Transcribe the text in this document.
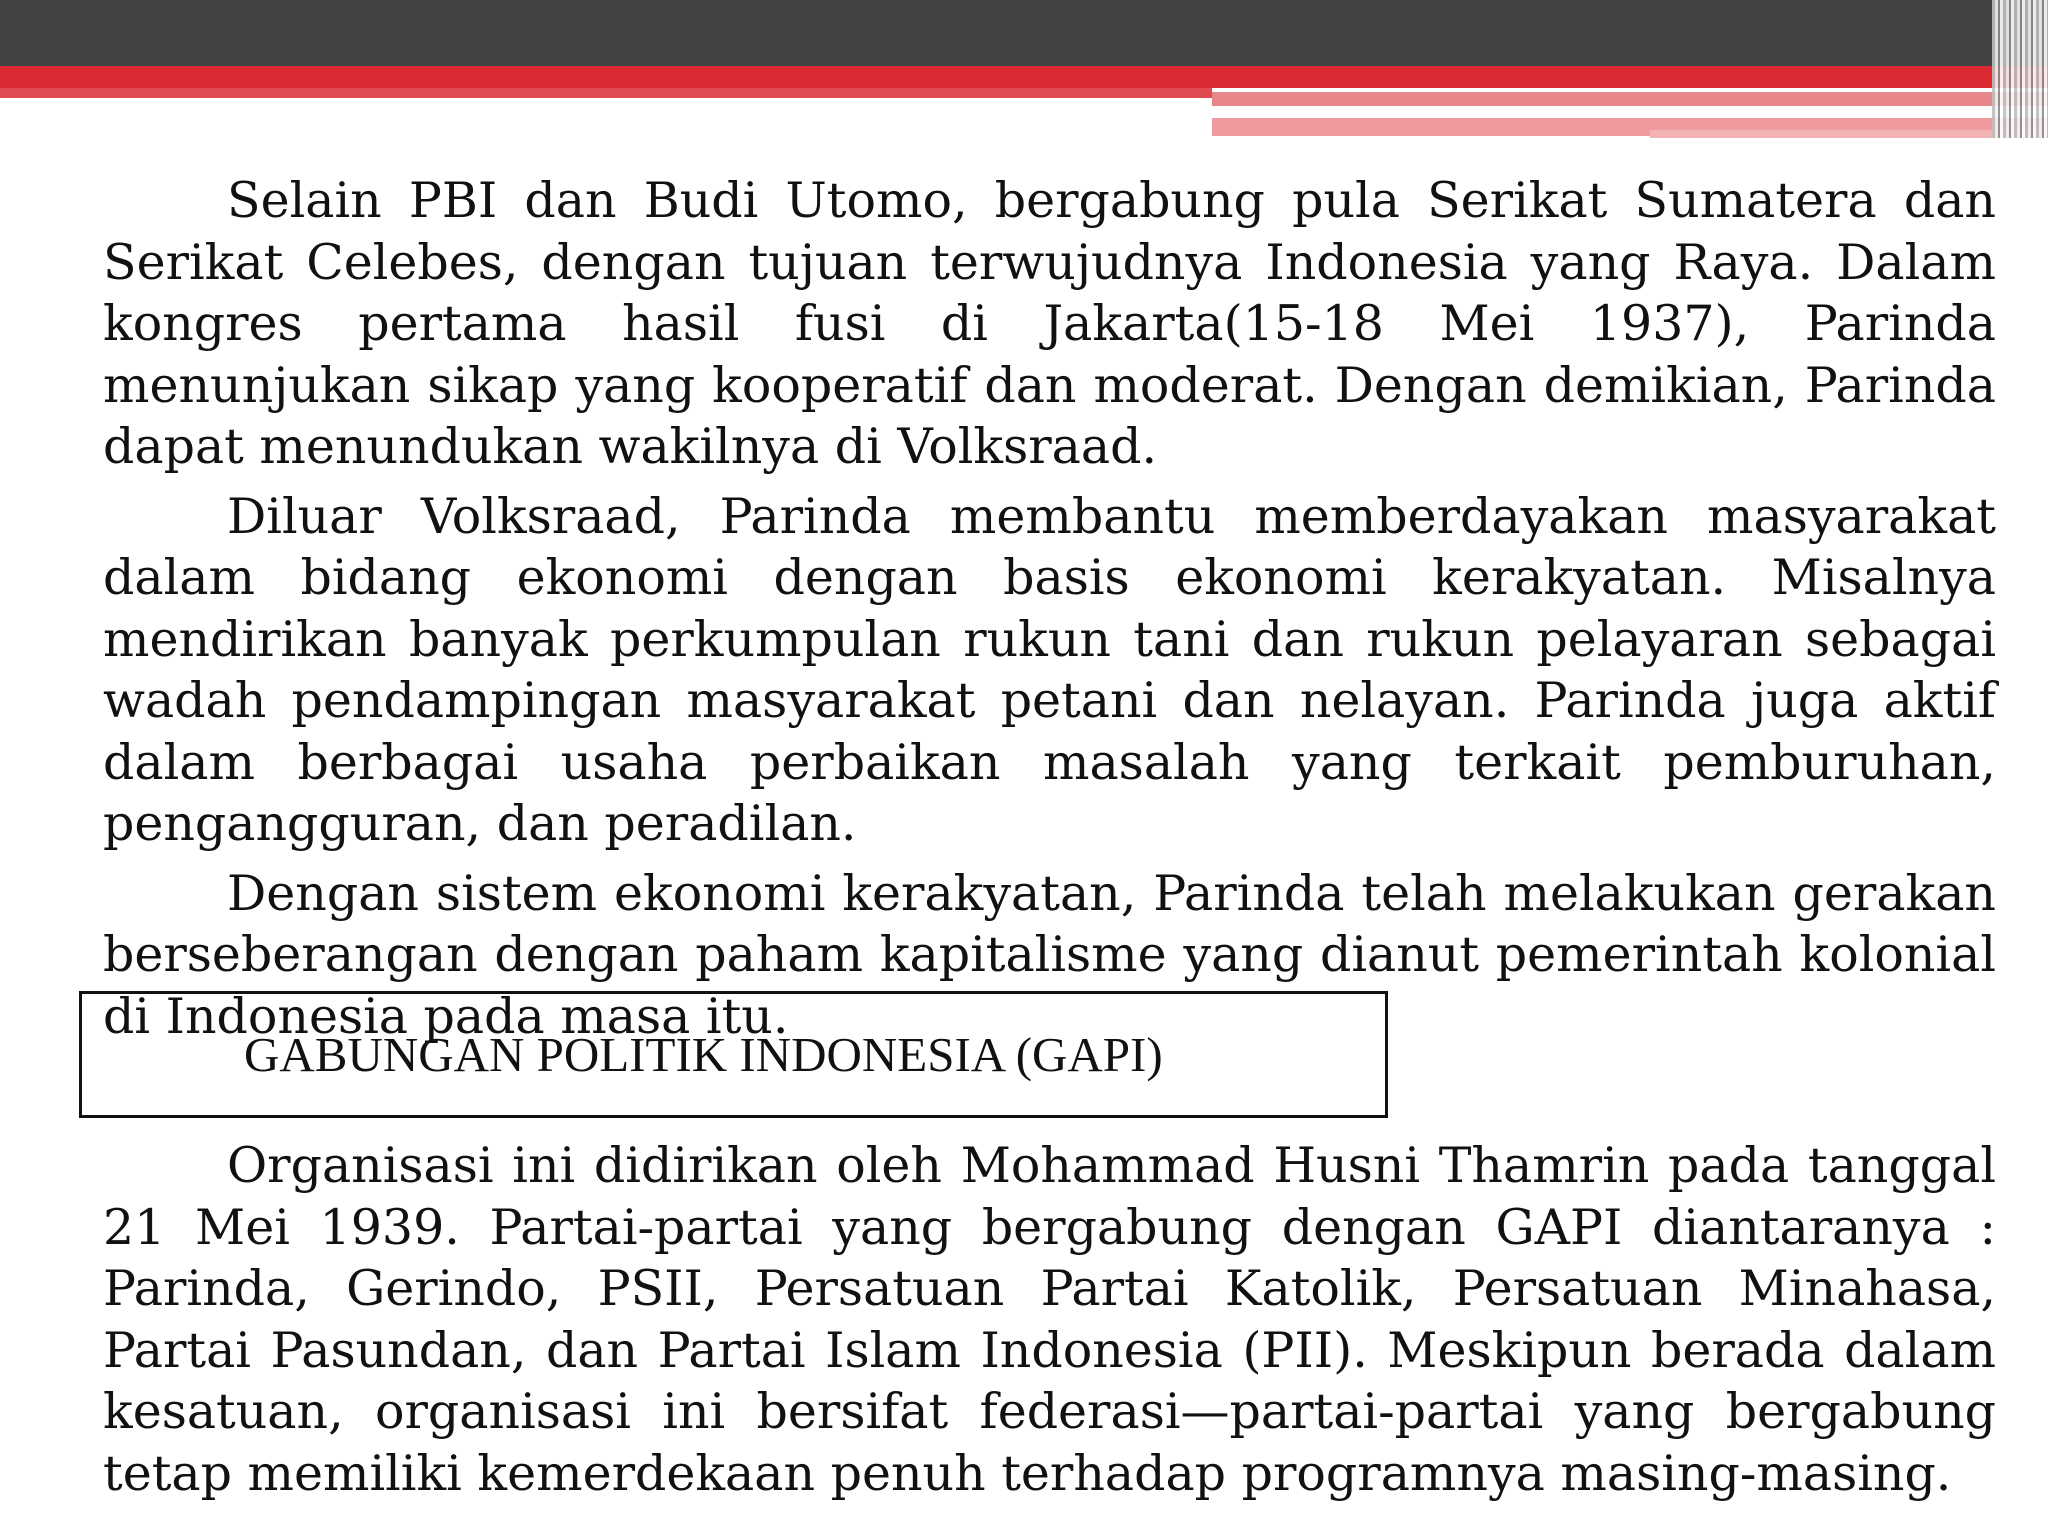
Selain PBI dan Budi Utomo, bergabung pula Serikat Sumatera dan Serikat Celebes, dengan tujuan terwujudnya Indonesia yang Raya. Dalam kongres pertama hasil fusi di Jakarta(15-18 Mei 1937), Parinda menunjukan sikap yang kooperatif dan moderat. Dengan demikian, Parinda dapat menundukan wakilnya di Volksraad.

Diluar Volksraad, Parinda membantu memberdayakan masyarakat dalam bidang ekonomi dengan basis ekonomi kerakyatan. Misalnya mendirikan banyak perkumpulan rukun tani dan rukun pelayaran sebagai wadah pendampingan masyarakat petani dan nelayan. Parinda juga aktif dalam berbagai usaha perbaikan masalah yang terkait pemburuhan, pengangguran, dan peradilan.

Dengan sistem ekonomi kerakyatan, Parinda telah melakukan gerakan berseberangan dengan paham kapitalisme yang dianut pemerintah kolonial di Indonesia pada masa itu.

GABUNGAN POLITIK INDONESIA (GAPI)

Organisasi ini didirikan oleh Mohammad Husni Thamrin pada tanggal 21 Mei 1939. Partai-partai yang bergabung dengan GAPI diantaranya : Parinda, Gerindo, PSII, Persatuan Partai Katolik, Persatuan Minahasa, Partai Pasundan, dan Partai Islam Indonesia (PII). Meskipun berada dalam kesatuan, organisasi ini bersifat federasi—partai-partai yang bergabung tetap memiliki kemerdekaan penuh terhadap programnya masing-masing.
